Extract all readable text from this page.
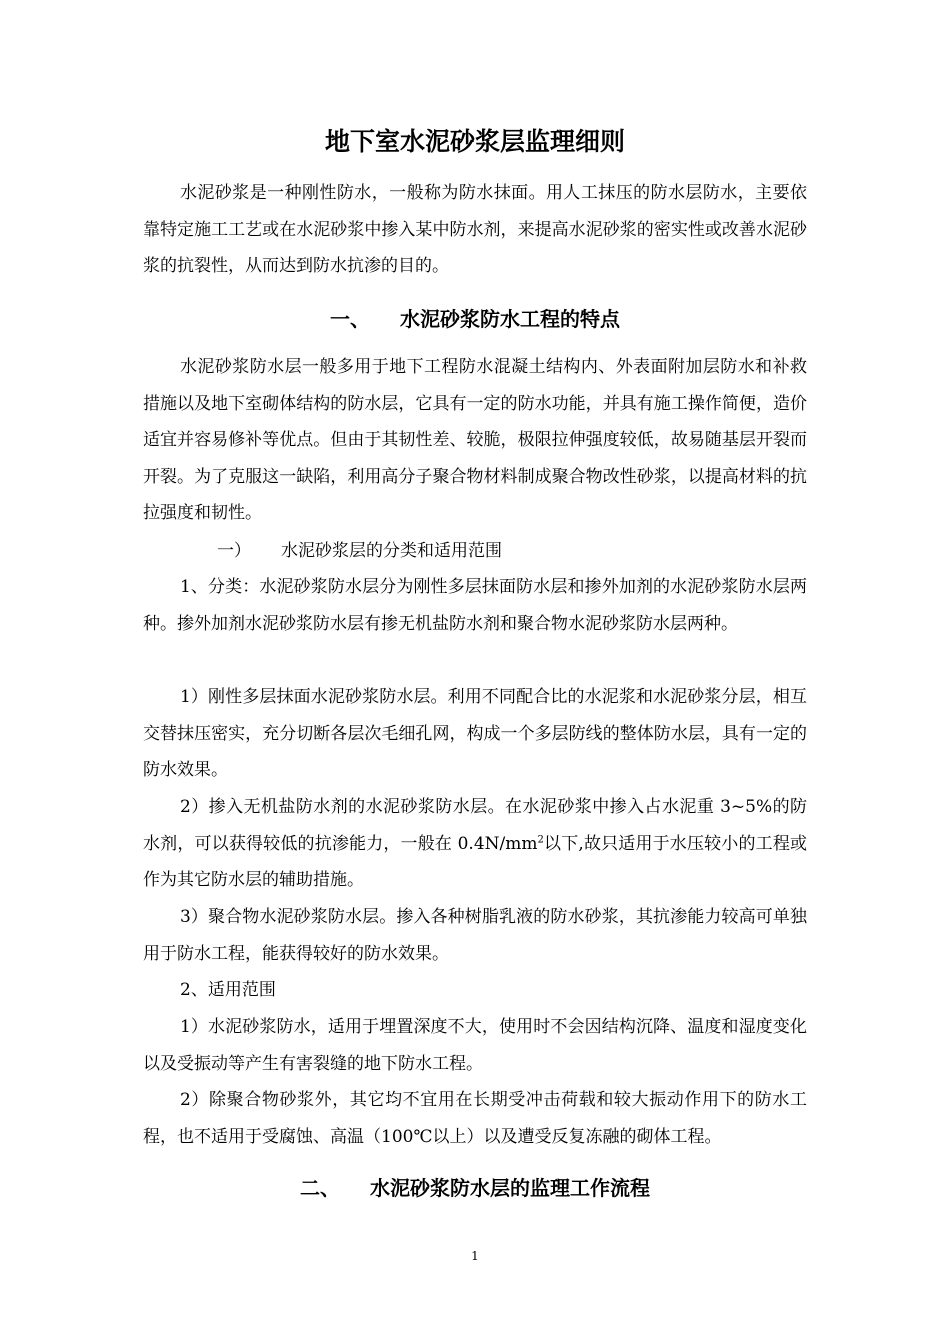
地下室水泥砂浆层监理细则

水泥砂浆是一种刚性防水，一般称为防水抹面。用人工抹压的防水层防水，主要依靠特定施工工艺或在水泥砂浆中掺入某中防水剂，来提高水泥砂浆的密实性或改善水泥砂浆的抗裂性，从而达到防水抗渗的目的。

一、 水泥砂浆防水工程的特点

水泥砂浆防水层一般多用于地下工程防水混凝土结构内、外表面附加层防水和补救措施以及地下室砌体结构的防水层，它具有一定的防水功能，并具有施工操作简便，造价适宜并容易修补等优点。但由于其韧性差、较脆，极限拉伸强度较低，故易随基层开裂而开裂。为了克服这一缺陷，利用高分子聚合物材料制成聚合物改性砂浆，以提高材料的抗拉强度和韧性。

一） 水泥砂浆层的分类和适用范围

1、分类：水泥砂浆防水层分为刚性多层抹面防水层和掺外加剂的水泥砂浆防水层两种。掺外加剂水泥砂浆防水层有掺无机盐防水剂和聚合物水泥砂浆防水层两种。

1）刚性多层抹面水泥砂浆防水层。利用不同配合比的水泥浆和水泥砂浆分层，相互交替抹压密实，充分切断各层次毛细孔网，构成一个多层防线的整体防水层，具有一定的防水效果。

2）掺入无机盐防水剂的水泥砂浆防水层。在水泥砂浆中掺入占水泥重 3~5%的防水剂，可以获得较低的抗渗能力，一般在 $0.4N/mm^2$以下,故只适用于水压较小的工程或作为其它防水层的辅助措施。

3）聚合物水泥砂浆防水层。掺入各种树脂乳液的防水砂浆，其抗渗能力较高可单独用于防水工程，能获得较好的防水效果。

2、适用范围

1）水泥砂浆防水，适用于埋置深度不大，使用时不会因结构沉降、温度和湿度变化以及受振动等产生有害裂缝的地下防水工程。

2）除聚合物砂浆外，其它均不宜用在长期受冲击荷载和较大振动作用下的防水工程，也不适用于受腐蚀、高温（100℃以上）以及遭受反复冻融的砌体工程。

二、 水泥砂浆防水层的监理工作流程
1
